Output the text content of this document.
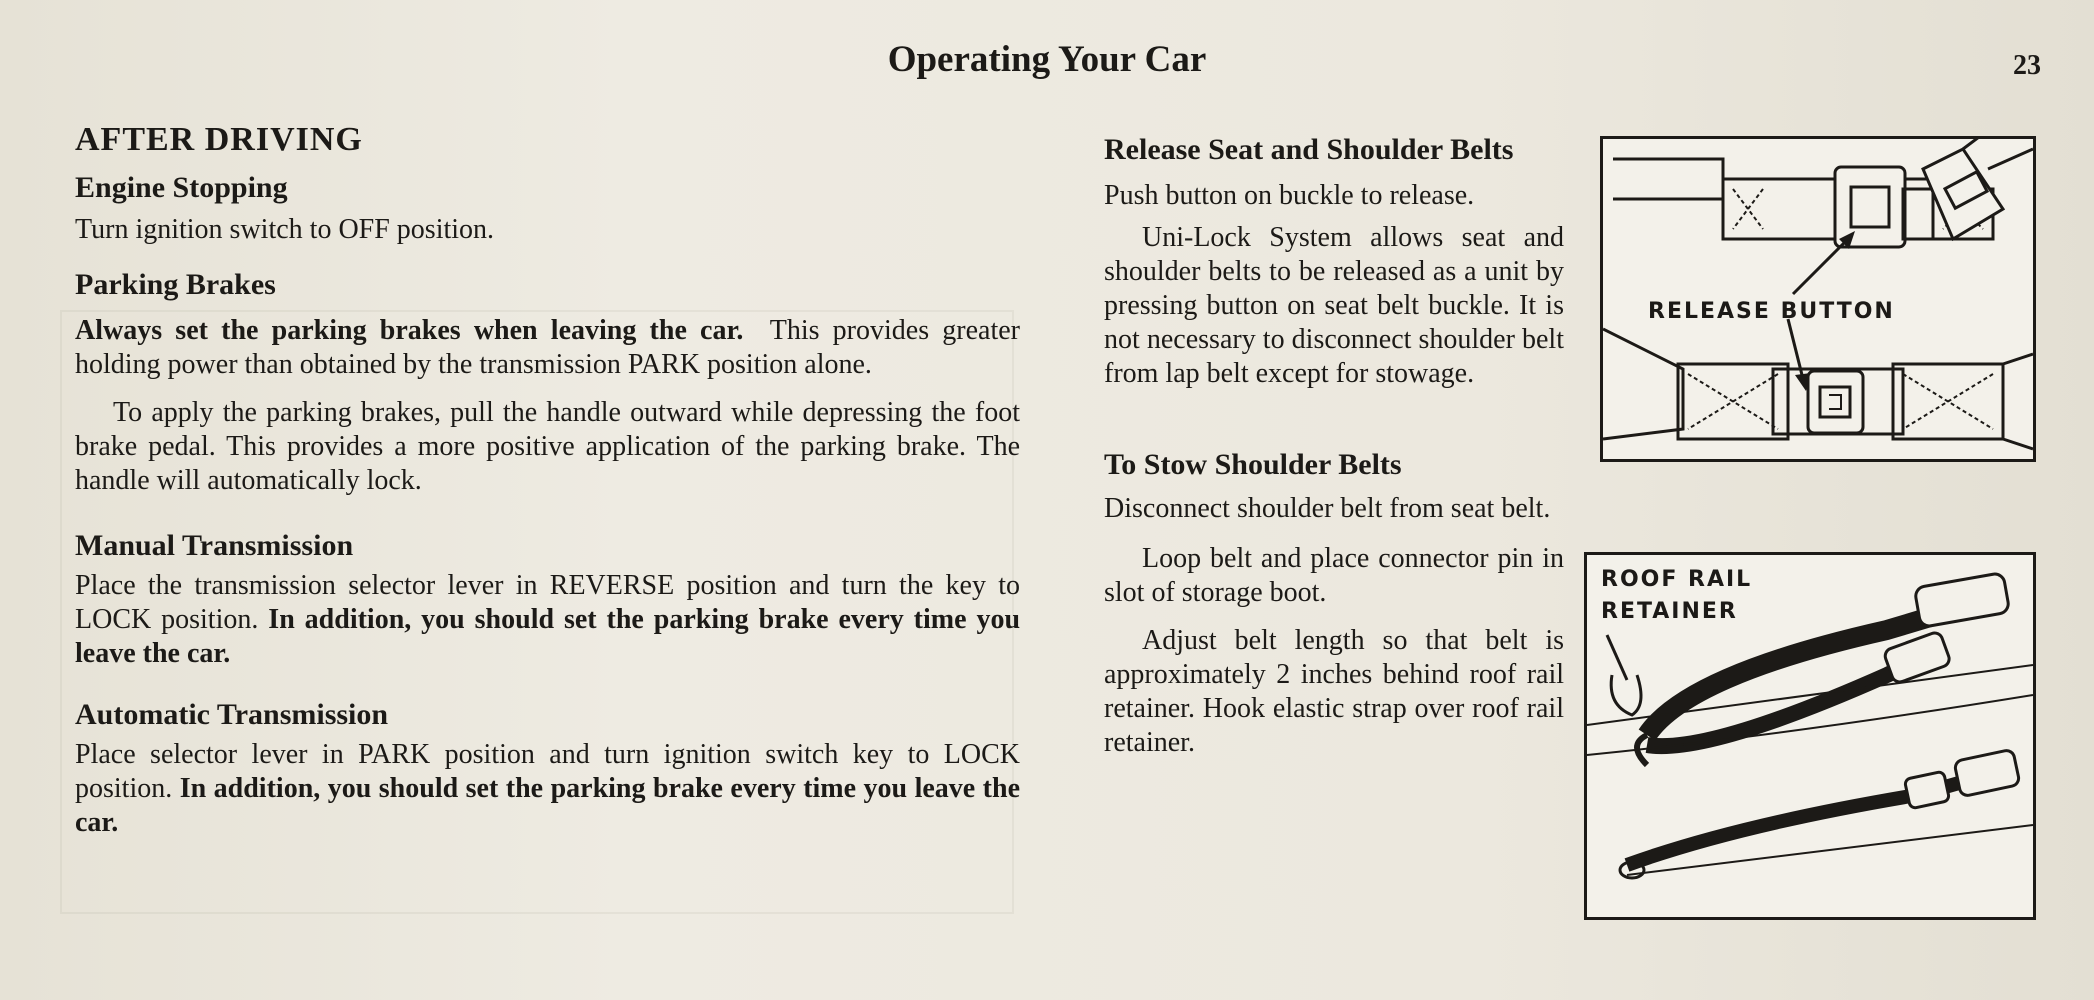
Operating Your Car	23
AFTER DRIVING
Engine Stopping

Turn ignition switch to OFF position.

Parking Brakes

Always set the parking brakes when leaving the car. This provides greater holding power than obtained by the transmission PARK position alone.

To apply the parking brakes, pull the handle outward while depressing the foot brake pedal. This provides a more positive application of the parking brake. The handle will automatically lock.

Manual Transmission

Place the transmission selector lever in REVERSE position and turn the key to LOCK position. In addition, you should set the parking brake every time you leave the car.

Automatic Transmission

Place selector lever in PARK position and turn ignition switch key to LOCK position. In addition, you should set the parking brake every time you leave the car.

Release Seat and Shoulder Belts

Push button on buckle to release.

Uni-Lock System allows seat and shoulder belts to be released as a unit by pressing button on seat belt buckle. It is not necessary to disconnect shoulder belt from lap belt except for stowage.

To Stow Shoulder Belts

Disconnect shoulder belt from seat belt.

Loop belt and place connector pin in slot of storage boot.

Adjust belt length so that belt is approximately 2 inches behind roof rail retainer. Hook elastic strap over roof rail retainer.

RELEASE BUTTON
ROOF RAIL
RETAINER
